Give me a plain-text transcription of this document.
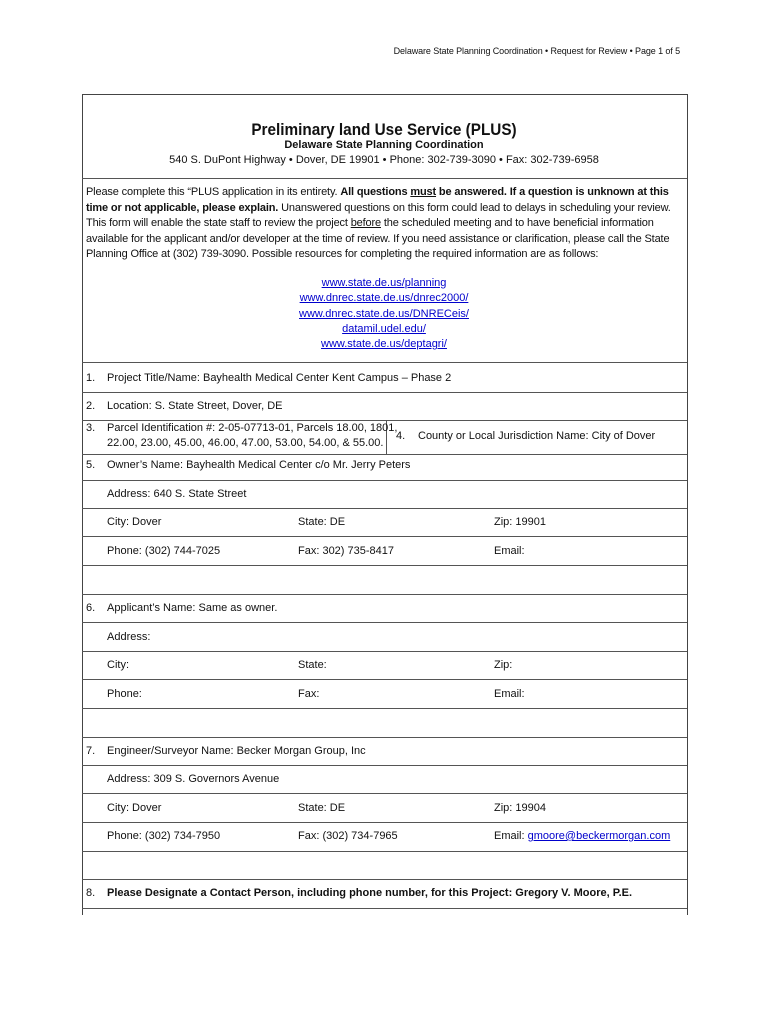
Delaware State Planning Coordination • Request for Review • Page 1 of 5
Preliminary land Use Service (PLUS)
Delaware State Planning Coordination
540 S. DuPont Highway • Dover, DE 19901 • Phone: 302-739-3090 • Fax: 302-739-6958
Please complete this “PLUS application in its entirety. All questions must be answered. If a question is unknown at this time or not applicable, please explain. Unanswered questions on this form could lead to delays in scheduling your review. This form will enable the state staff to review the project before the scheduled meeting and to have beneficial information available for the applicant and/or developer at the time of review. If you need assistance or clarification, please call the State Planning Office at (302) 739-3090. Possible resources for completing the required information are as follows:
www.state.de.us/planning
www.dnrec.state.de.us/dnrec2000/
www.dnrec.state.de.us/DNRECeis/
datamil.udel.edu/
www.state.de.us/deptagri/
1. Project Title/Name: Bayhealth Medical Center Kent Campus – Phase 2
2. Location: S. State Street, Dover, DE
3. Parcel Identification #: 2-05-07713-01, Parcels 18.00, 1801,
22.00, 23.00, 45.00, 46.00, 47.00, 53.00, 54.00, & 55.00.
4. County or Local Jurisdiction Name: City of Dover
5. Owner’s Name: Bayhealth Medical Center c/o Mr. Jerry Peters
Address: 640 S. State Street
City: Dover	State: DE	Zip: 19901
Phone: (302) 744-7025	Fax: 302) 735-8417	Email:
6. Applicant’s Name: Same as owner.
Address:
City:	State:	Zip:
Phone:	Fax:	Email:
7. Engineer/Surveyor Name: Becker Morgan Group, Inc
Address: 309 S. Governors Avenue
City: Dover	State: DE	Zip: 19904
Phone: (302) 734-7950	Fax: (302) 734-7965	Email: gmoore@beckermorgan.com
8. Please Designate a Contact Person, including phone number, for this Project: Gregory V. Moore, P.E.
